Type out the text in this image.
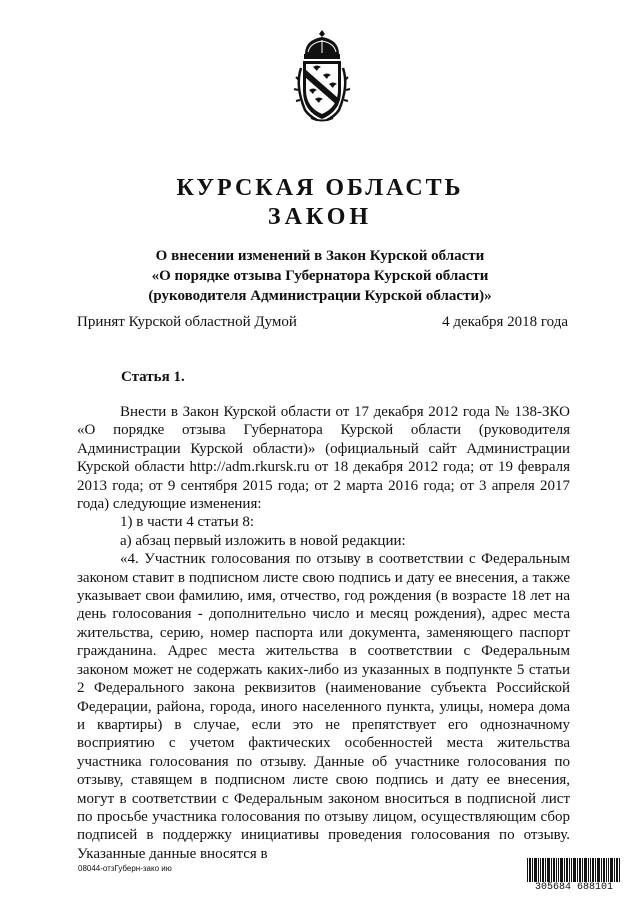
КУРСКАЯ ОБЛАСТЬ
ЗАКОН
О внесении изменений в Закон Курской области
«О порядке отзыва Губернатора Курской области
(руководителя Администрации Курской области)»
Принят Курской областной Думой	4 декабря 2018 года
Статья 1.

Внести в Закон Курской области от 17 декабря 2012 года № 138-ЗКО «О порядке отзыва Губернатора Курской области (руководителя Администрации Курской области)» (официальный сайт Администрации Курской области http://adm.rkursk.ru от 18 декабря 2012 года; от 19 февраля 2013 года; от 9 сентября 2015 года; от 2 марта 2016 года; от 3 апреля 2017 года) следующие изменения:

1) в части 4 статьи 8:

а) абзац первый изложить в новой редакции:

«4. Участник голосования по отзыву в соответствии с Федеральным законом ставит в подписном листе свою подпись и дату ее внесения, а также указывает свои фамилию, имя, отчество, год рождения (в возрасте 18 лет на день голосования - дополнительно число и месяц рождения), адрес места жительства, серию, номер паспорта или документа, заменяющего паспорт гражданина. Адрес места жительства в соответствии с Федеральным законом может не содержать каких-либо из указанных в подпункте 5 статьи 2 Федерального закона реквизитов (наименование субъекта Российской Федерации, района, города, иного населенного пункта, улицы, номера дома и квартиры) в случае, если это не препятствует его однозначному восприятию с учетом фактических особенностей места жительства участника голосования по отзыву. Данные об участнике голосования по отзыву, ставящем в подписном листе свою подпись и дату ее внесения, могут в соответствии с Федеральным законом вноситься в подписной лист по просьбе участника голосования по отзыву лицом, осуществляющим сбор подписей в поддержку инициативы проведения голосования по отзыву. Указанные данные вносятся в

08044-отзГуберн-зако ию
305684 688101
